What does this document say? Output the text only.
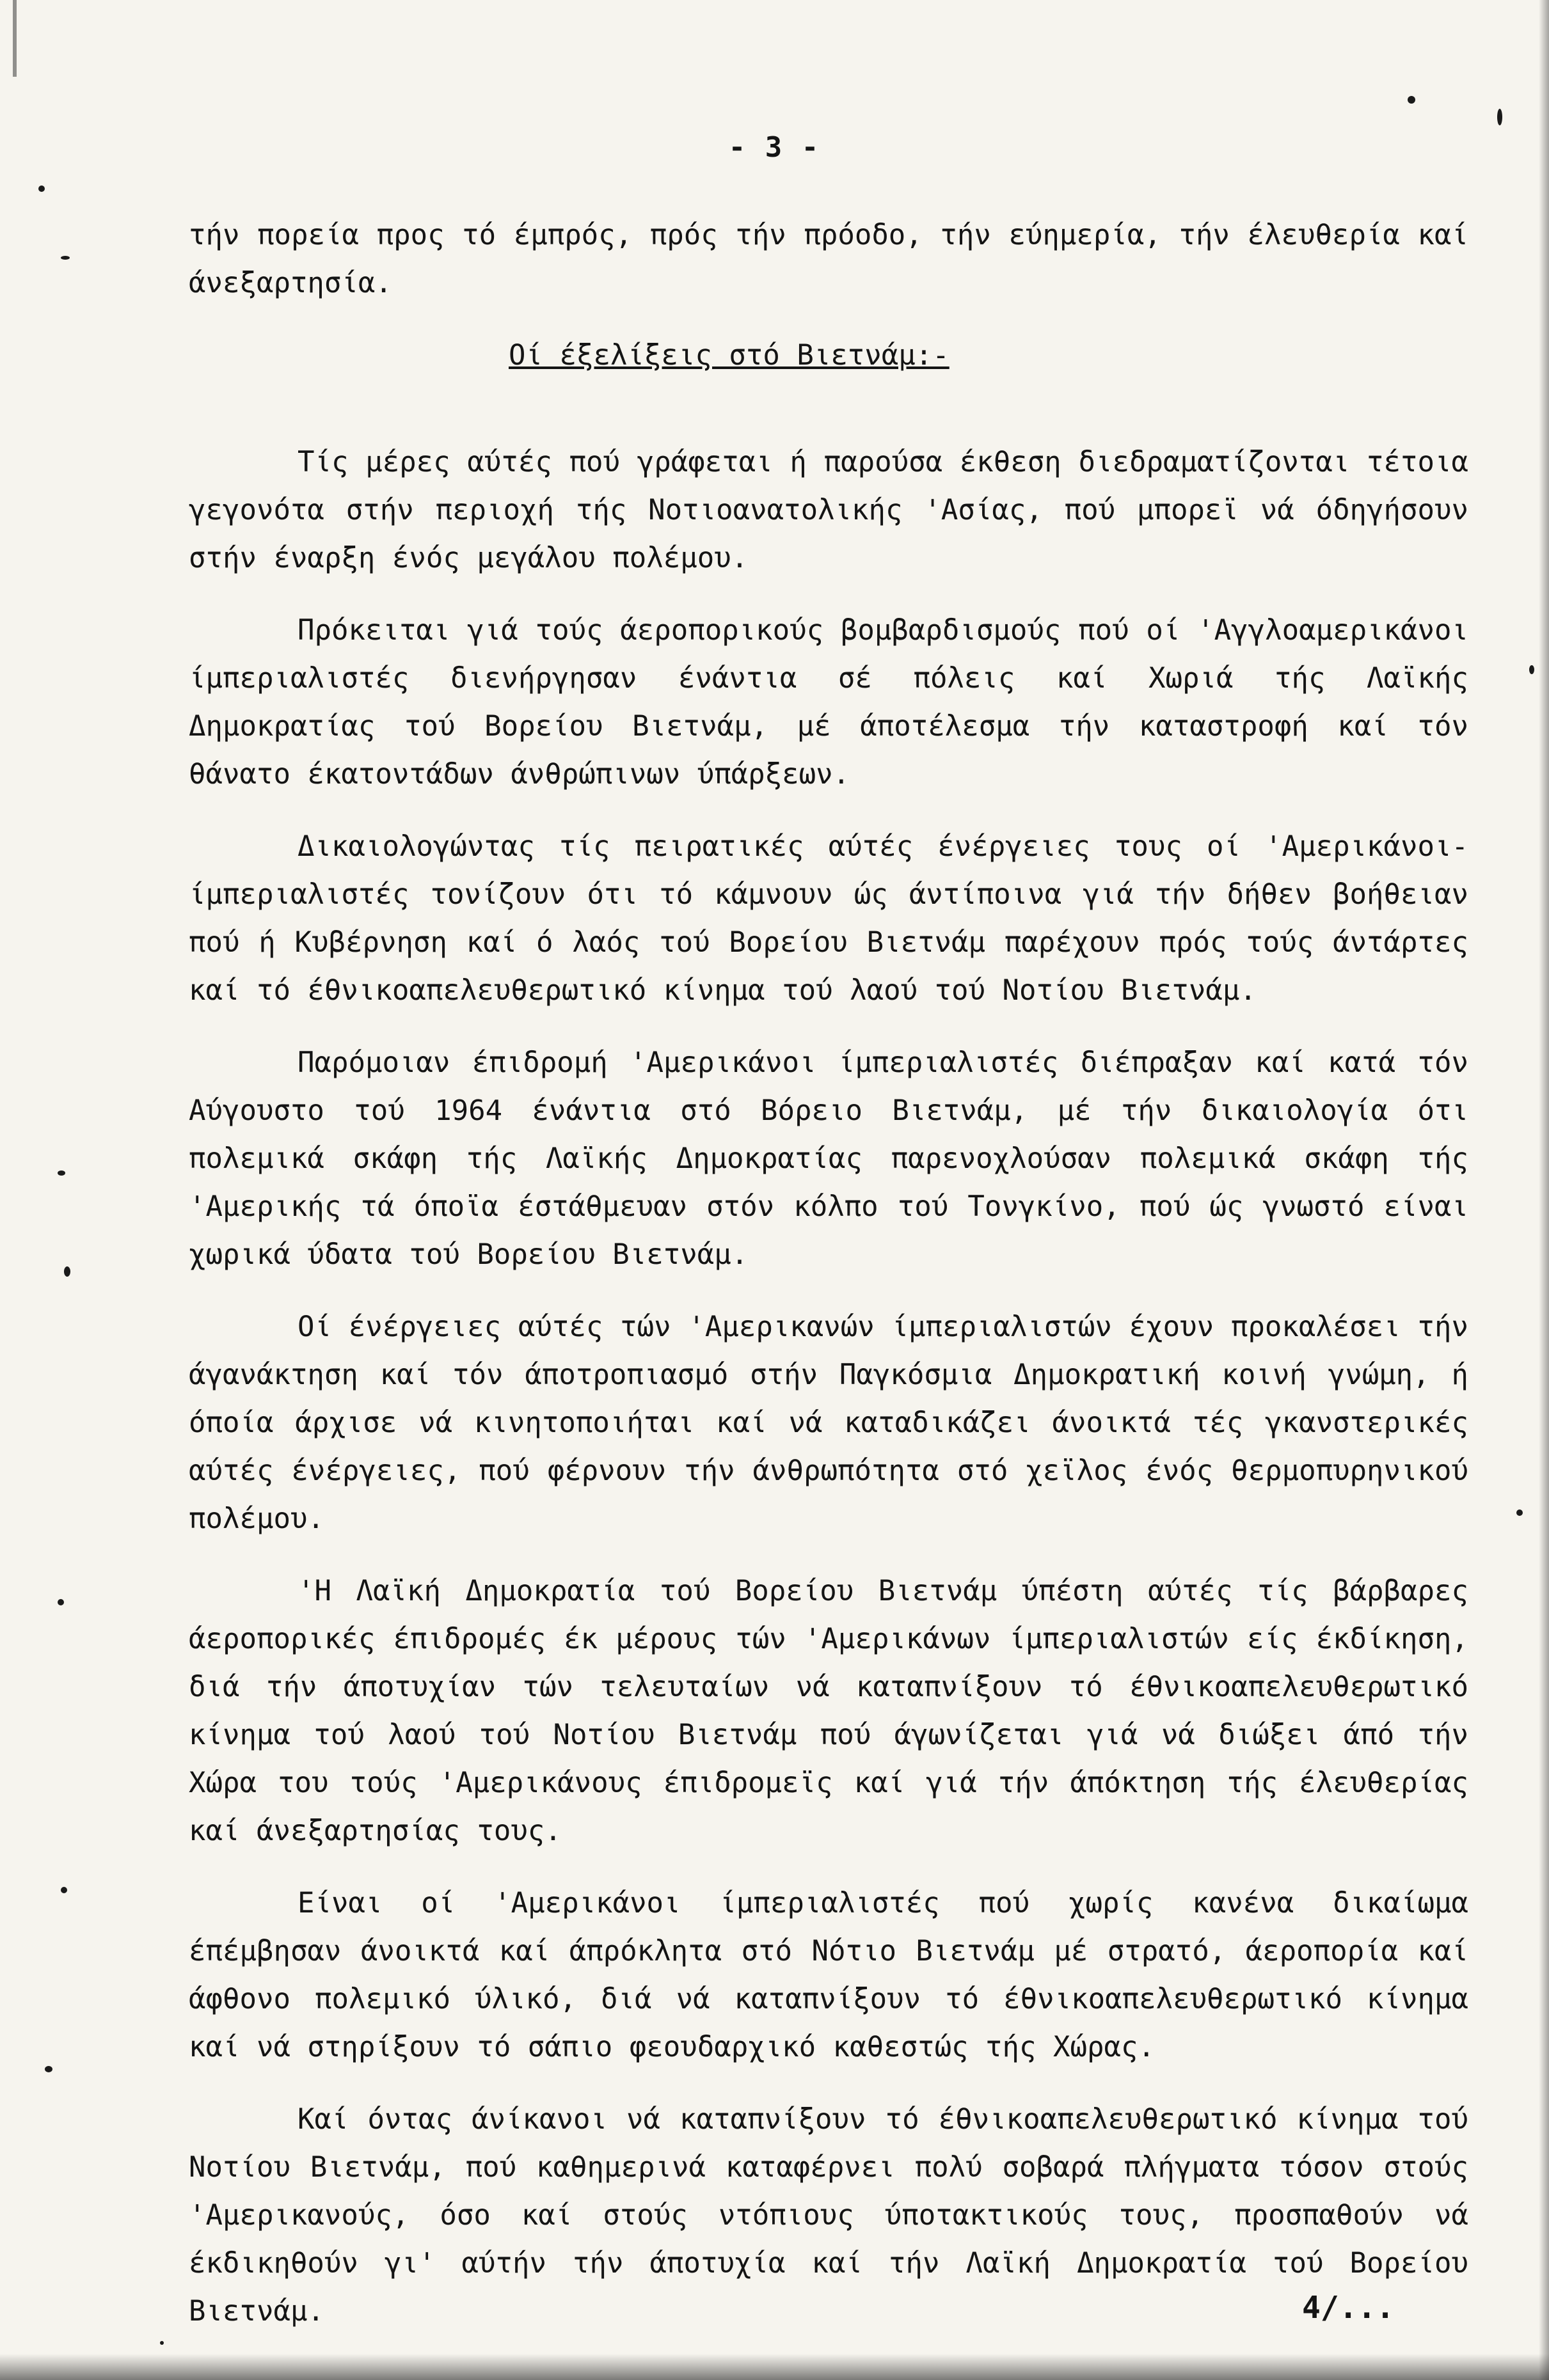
- 3 -

τήν πορεία προς τό έμπρός, πρός τήν πρόοδο, τήν εύημερία, τήν έλευθερία καί άνεξαρτησία.

Οί έξελίξεις στό Βιετνάμ:-

Τίς μέρες αύτές πού γράφεται ή παρούσα έκθεση διεδραματίζονται τέτοια γεγονότα στήν περιοχή τής Νοτιοανατολικής 'Ασίας, πού μπορεϊ νά όδηγήσουν στήν έναρξη ένός μεγάλου πολέμου.

Πρόκειται γιά τούς άεροπορικούς βομβαρδισμούς πού οί 'Αγγλοαμερικάνοι ίμπεριαλιστές διενήργησαν ένάντια σέ πόλεις καί Χωριά τής Λαϊκής Δημοκρατίας τού Βορείου Βιετνάμ, μέ άποτέλεσμα τήν καταστροφή καί τόν θάνατο έκατοντάδων άνθρώπινων ύπάρξεων.

Δικαιολογώντας τίς πειρατικές αύτές ένέργειες τους οί 'Αμερικάνοι-ίμπεριαλιστές τονίζουν ότι τό κάμνουν ώς άντίποινα γιά τήν δήθεν βοήθειαν πού ή Κυβέρνηση καί ό λαός τού Βορείου Βιετνάμ παρέχουν πρός τούς άντάρτες καί τό έθνικοαπελευθερωτικό κίνημα τού λαού τού Νοτίου Βιετνάμ.

Παρόμοιαν έπιδρομή 'Αμερικάνοι ίμπεριαλιστές διέπραξαν καί κατά τόν Αύγουστο τού 1964 ένάντια στό Βόρειο Βιετνάμ, μέ τήν δικαιολογία ότι πολεμικά σκάφη τής Λαϊκής Δημοκρατίας παρενοχλούσαν πολεμικά σκάφη τής 'Αμερικής τά όποϊα έστάθμευαν στόν κόλπο τού Τονγκίνο, πού ώς γνωστό είναι χωρικά ύδατα τού Βορείου Βιετνάμ.

Οί ένέργειες αύτές τών 'Αμερικανών ίμπεριαλιστών έχουν προκαλέσει τήν άγανάκτηση καί τόν άποτροπιασμό στήν Παγκόσμια Δημοκρατική κοινή γνώμη, ή όποία άρχισε νά κινητοποιήται καί νά καταδικάζει άνοικτά τές γκανστερικές αύτές ένέργειες, πού φέρνουν τήν άνθρωπότητα στό χεϊλος ένός θερμοπυρηνικού πολέμου.

'Η Λαϊκή Δημοκρατία τού Βορείου Βιετνάμ ύπέστη αύτές τίς βάρβαρες άεροπορικές έπιδρομές έκ μέρους τών 'Αμερικάνων ίμπεριαλιστών είς έκδίκηση, διά τήν άποτυχίαν τών τελευταίων νά καταπνίξουν τό έθνικοαπελευθερωτικό κίνημα τού λαού τού Νοτίου Βιετνάμ πού άγωνίζεται γιά νά διώξει άπό τήν Χώρα του τούς 'Αμερικάνους έπιδρομεϊς καί γιά τήν άπόκτηση τής έλευθερίας καί άνεξαρτησίας τους.

Είναι οί 'Αμερικάνοι ίμπεριαλιστές πού χωρίς κανένα δικαίωμα έπέμβησαν άνοικτά καί άπρόκλητα στό Νότιο Βιετνάμ μέ στρατό, άεροπορία καί άφθονο πολεμικό ύλικό, διά νά καταπνίξουν τό έθνικοαπελευθερωτικό κίνημα καί νά στηρίξουν τό σάπιο φεουδαρχικό καθεστώς τής Χώρας.

Καί όντας άνίκανοι νά καταπνίξουν τό έθνικοαπελευθερωτικό κίνημα τού Νοτίου Βιετνάμ, πού καθημερινά καταφέρνει πολύ σοβαρά πλήγματα τόσον στούς 'Αμερικανούς, όσο καί στούς ντόπιους ύποτακτικούς τους, προσπαθούν νά έκδικηθούν γι' αύτήν τήν άποτυχία καί τήν Λαϊκή Δημοκρατία τού Βορείου Βιετνάμ.	4/...
